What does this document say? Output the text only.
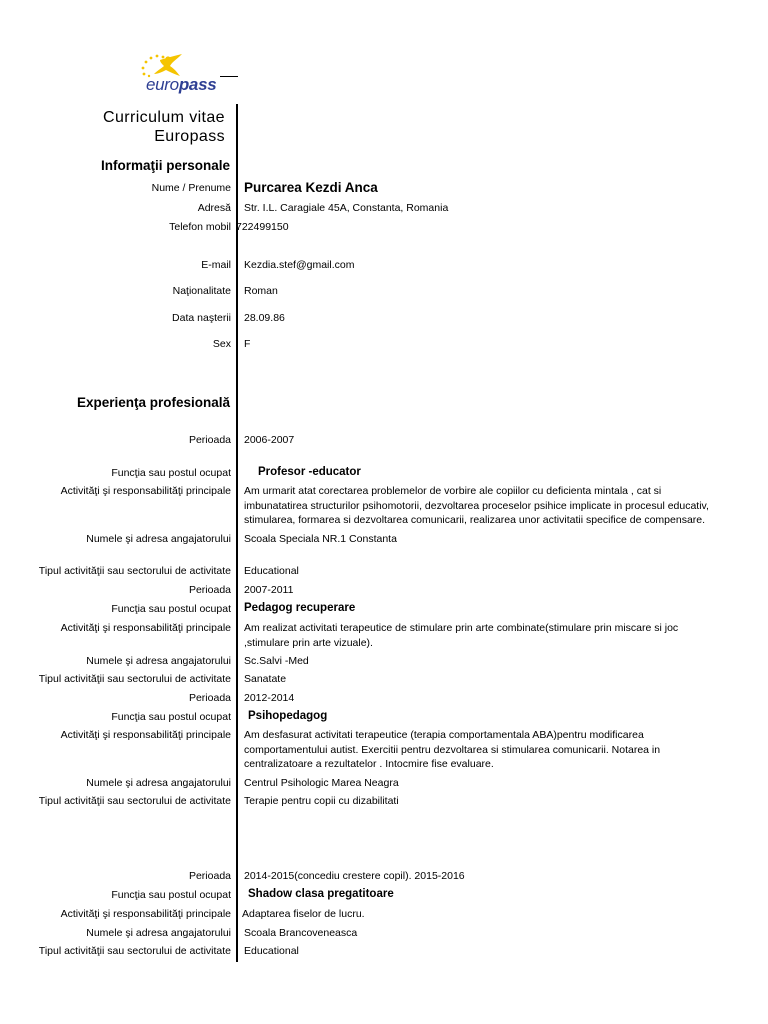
europass
Curriculum vitae
Europass
Informaţii personale
Nume / Prenume Purcarea Kezdi Anca
Adresă Str. I.L. Caragiale 45A, Constanta, Romania
Telefon mobil 722499150
E-mail Kezdia.stef@gmail.com
Naţionalitate Roman
Data naşterii 28.09.86
Sex F
Experienţa profesională
Perioada 2006-2007
Funcţia sau postul ocupat Profesor -educator
Activităţi şi responsabilităţi principale Am urmarit atat corectarea problemelor de vorbire ale copiilor cu deficienta mintala , cat si imbunatatirea structurilor psihomotorii, dezvoltarea proceselor psihice implicate in procesul educativ, stimularea, formarea si dezvoltarea comunicarii, realizarea unor activitatii specifice de compensare.
Numele şi adresa angajatorului Scoala Speciala NR.1 Constanta
Tipul activităţii sau sectorului de activitate Educational
Perioada 2007-2011
Funcţia sau postul ocupat Pedagog recuperare
Activităţi şi responsabilităţi principale Am realizat activitati terapeutice de stimulare prin arte combinate(stimulare prin miscare si joc ,stimulare prin arte vizuale).
Numele şi adresa angajatorului Sc.Salvi -Med
Tipul activităţii sau sectorului de activitate Sanatate
Perioada 2012-2014
Funcţia sau postul ocupat Psihopedagog
Activităţi şi responsabilităţi principale Am desfasurat activitati terapeutice (terapia comportamentala ABA)pentru modificarea comportamentului autist. Exercitii pentru dezvoltarea si stimularea comunicarii. Notarea in centralizatoare a rezultatelor . Intocmire fise evaluare.
Numele şi adresa angajatorului Centrul Psihologic Marea Neagra
Tipul activităţii sau sectorului de activitate Terapie pentru copii cu dizabilitati
Perioada 2014-2015(concediu crestere copil). 2015-2016
Funcţia sau postul ocupat Shadow clasa pregatitoare
Activităţi şi responsabilităţi principale Adaptarea fiselor de lucru.
Numele şi adresa angajatorului Scoala Brancoveneasca
Tipul activităţii sau sectorului de activitate Educational
